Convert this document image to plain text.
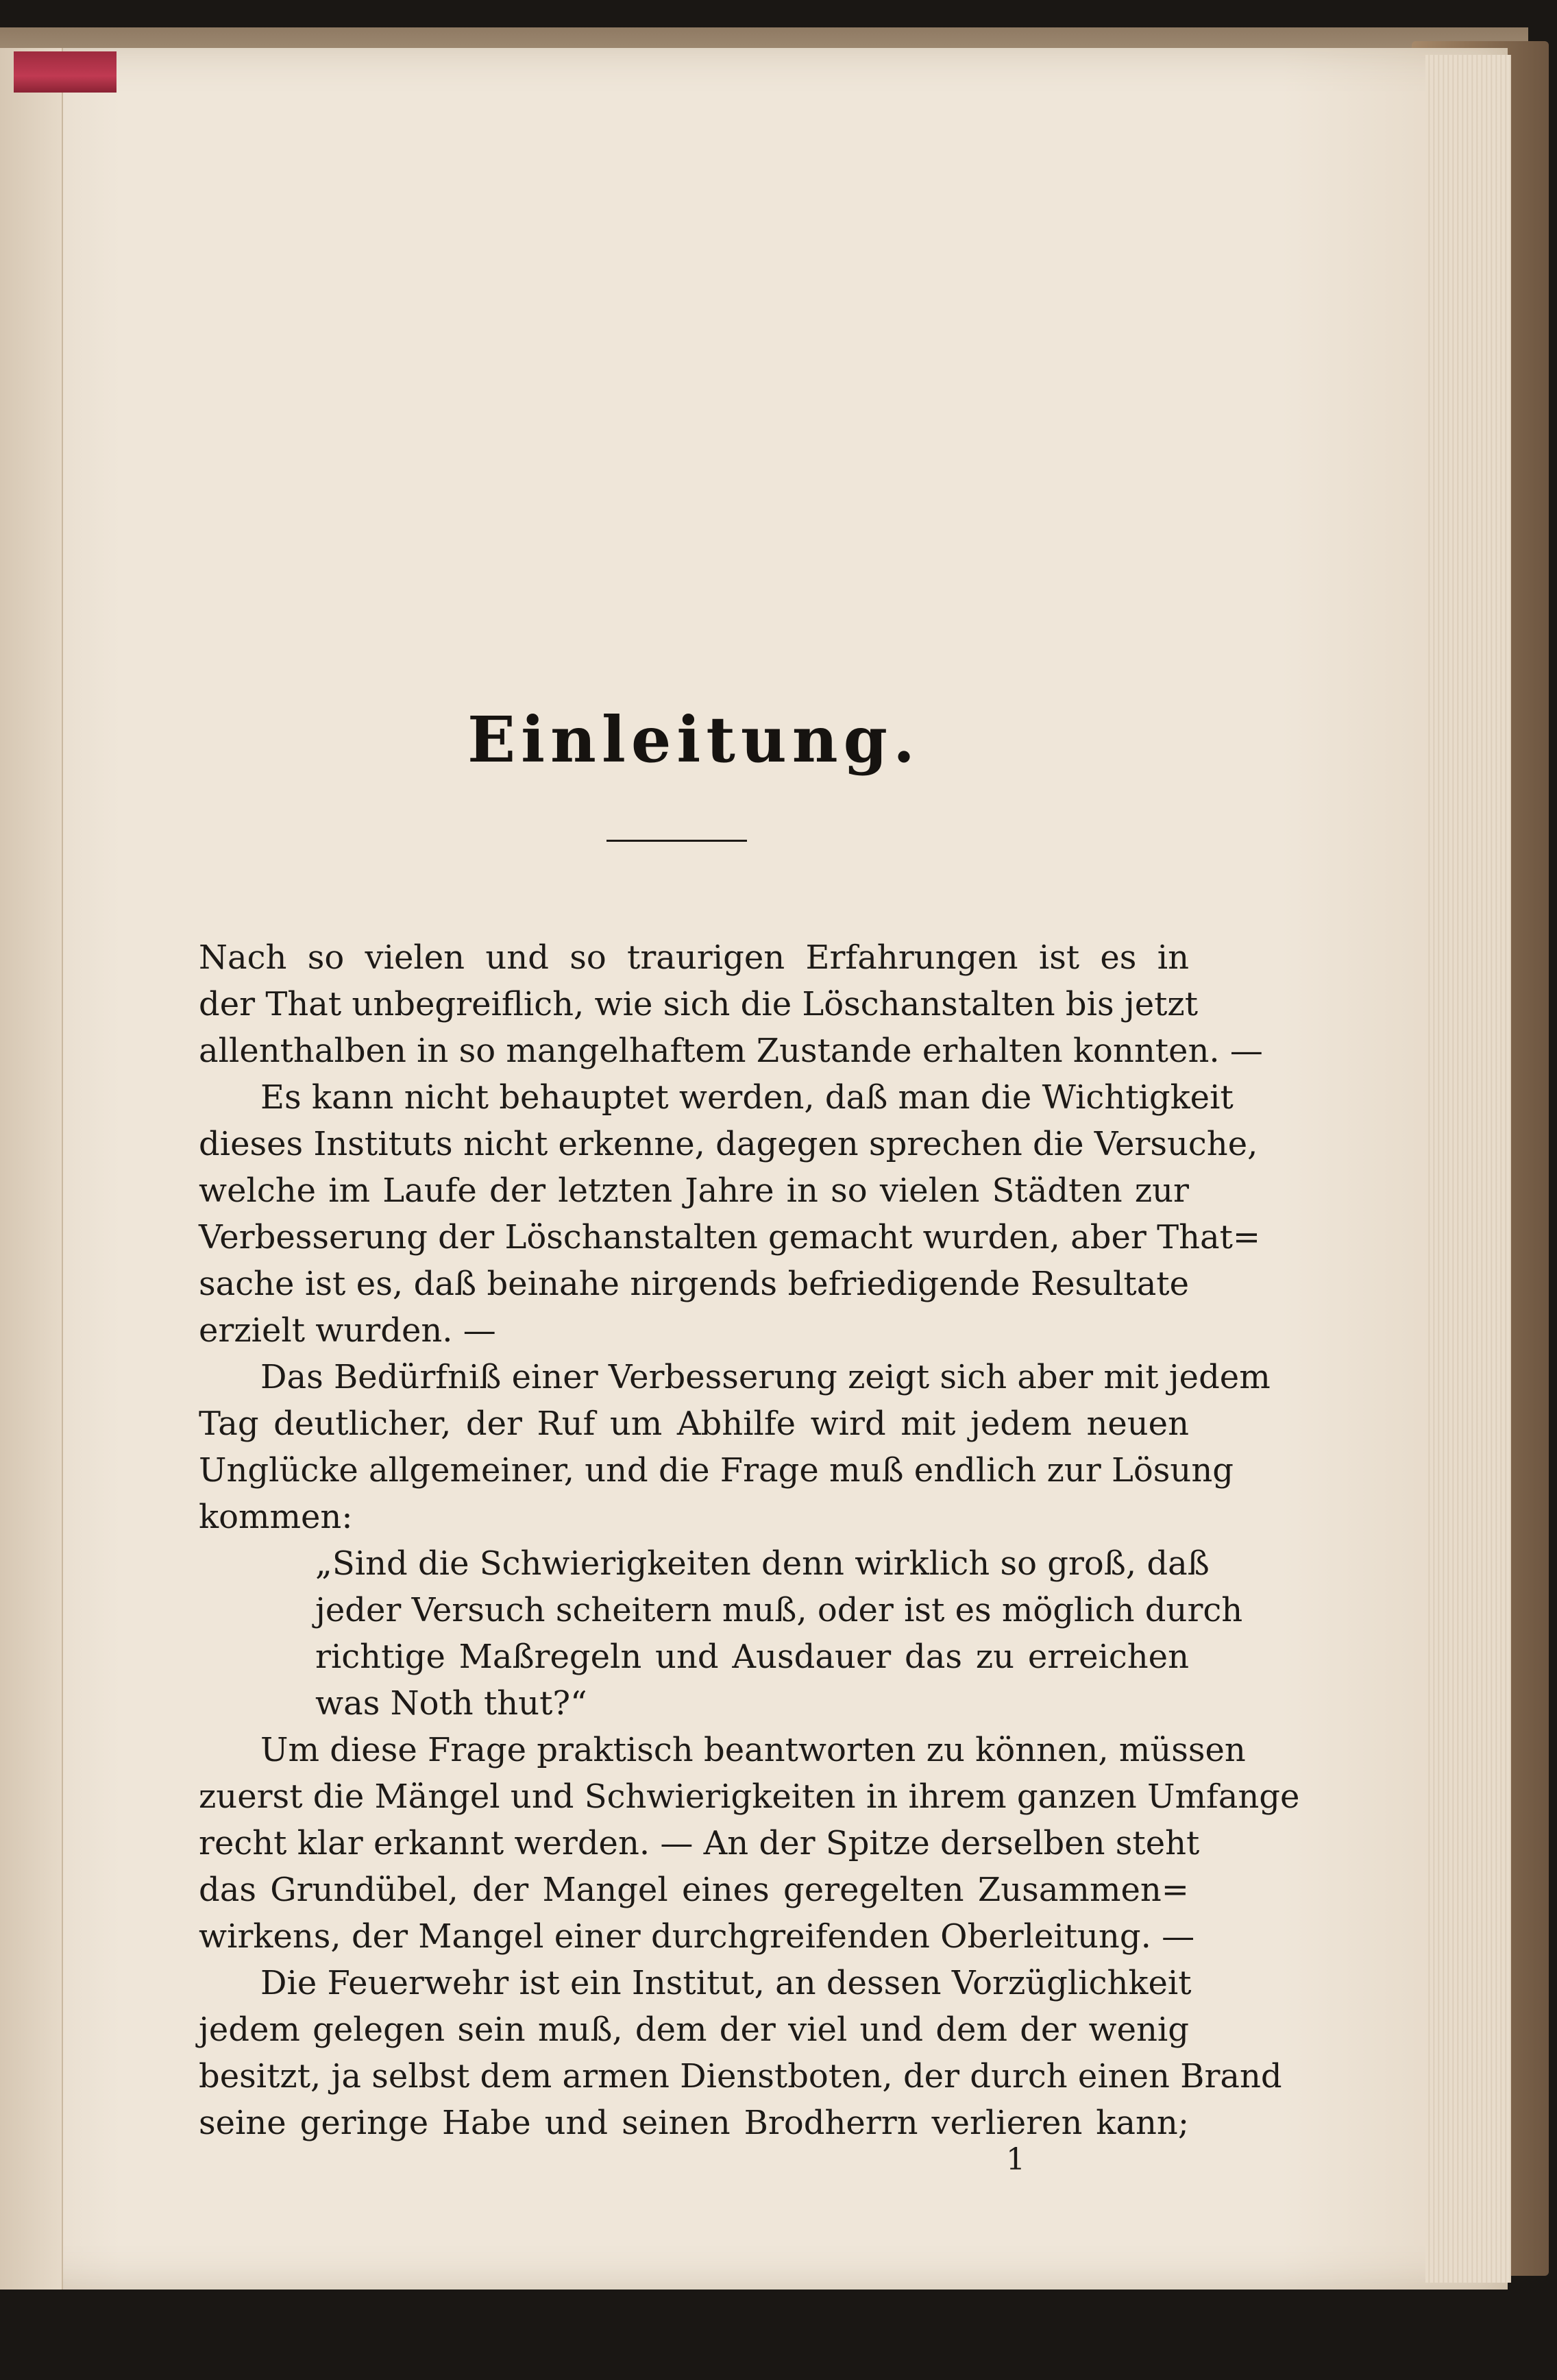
Einleitung.
Nach so vielen und so traurigen Erfahrungen ist es in
der That unbegreiflich, wie sich die Löschanstalten bis jetzt
allenthalben in so mangelhaftem Zustande erhalten konnten. —
Es kann nicht behauptet werden, daß man die Wichtigkeit
dieses Instituts nicht erkenne, dagegen sprechen die Versuche,
welche im Laufe der letzten Jahre in so vielen Städten zur
Verbesserung der Löschanstalten gemacht wurden, aber That=
sache ist es, daß beinahe nirgends befriedigende Resultate
erzielt wurden. —
Das Bedürfniß einer Verbesserung zeigt sich aber mit jedem
Tag deutlicher, der Ruf um Abhilfe wird mit jedem neuen
Unglücke allgemeiner, und die Frage muß endlich zur Lösung
kommen:
„Sind die Schwierigkeiten denn wirklich so groß, daß
jeder Versuch scheitern muß, oder ist es möglich durch
richtige Maßregeln und Ausdauer das zu erreichen
was Noth thut?“
Um diese Frage praktisch beantworten zu können, müssen
zuerst die Mängel und Schwierigkeiten in ihrem ganzen Umfange
recht klar erkannt werden. — An der Spitze derselben steht
das Grundübel, der Mangel eines geregelten Zusammen=
wirkens, der Mangel einer durchgreifenden Oberleitung. —
Die Feuerwehr ist ein Institut, an dessen Vorzüglichkeit
jedem gelegen sein muß, dem der viel und dem der wenig
besitzt, ja selbst dem armen Dienstboten, der durch einen Brand
seine geringe Habe und seinen Brodherrn verlieren kann;
1
